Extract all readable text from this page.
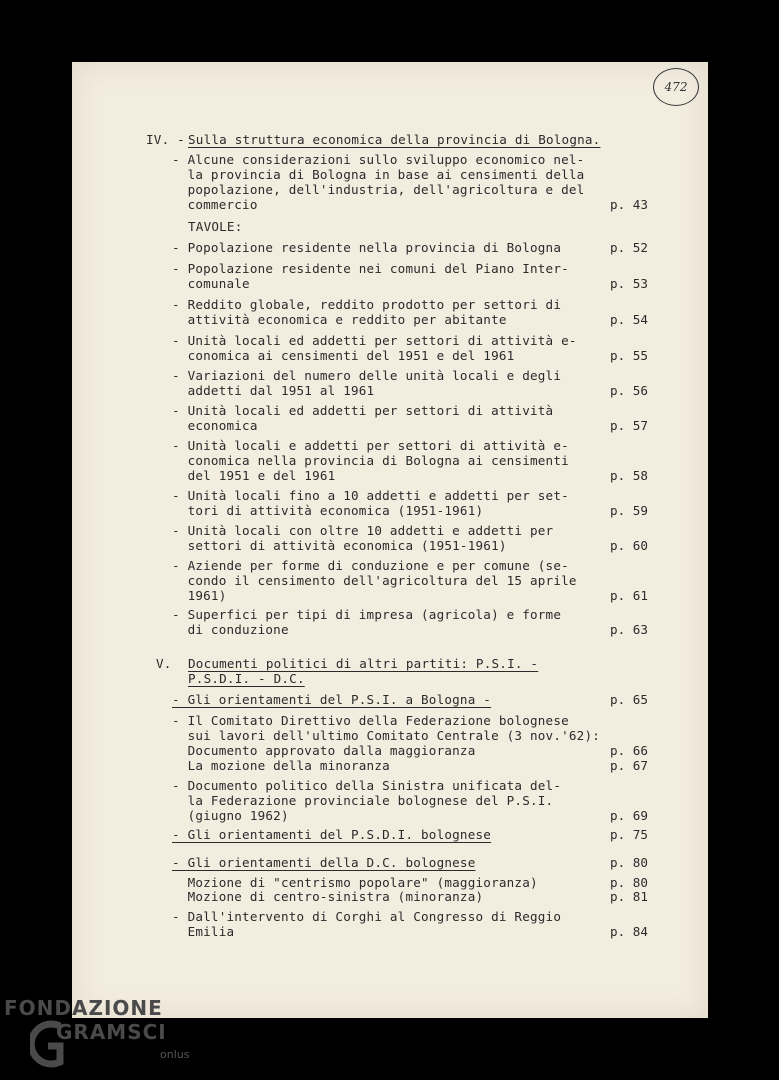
472
IV. - Sulla struttura economica della provincia di Bologna.
- Alcune considerazioni sullo sviluppo economico nel-
la provincia di Bologna in base ai censimenti della
popolazione, dell'industria, dell'agricoltura e del
commercio	p. 43
TAVOLE:
- Popolazione residente nella provincia di Bologna	p. 52
- Popolazione residente nei comuni del Piano Inter-
comunale	p. 53
- Reddito globale, reddito prodotto per settori di
attività economica e reddito per abitante	p. 54
- Unità locali ed addetti per settori di attività e-
conomica ai censimenti del 1951 e del 1961	p. 55
- Variazioni del numero delle unità locali e degli
addetti dal 1951 al 1961	p. 56
- Unità locali ed addetti per settori di attività
economica	p. 57
- Unità locali e addetti per settori di attività e-
conomica nella provincia di Bologna ai censimenti
del 1951 e del 1961	p. 58
- Unità locali fino a 10 addetti e addetti per set-
tori di attività economica (1951-1961)	p. 59
- Unità locali con oltre 10 addetti e addetti per
settori di attività economica (1951-1961)	p. 60
- Aziende per forme di conduzione e per comune (se-
condo il censimento dell'agricoltura del 15 aprile
1961)	p. 61
- Superfici per tipi di impresa (agricola) e forme
di conduzione	p. 63
V. Documenti politici di altri partiti: P.S.I. -
P.S.D.I. - D.C.
- Gli orientamenti del P.S.I. a Bologna -	p. 65
- Il Comitato Direttivo della Federazione bolognese
sui lavori dell'ultimo Comitato Centrale (3 nov.'62):
Documento approvato dalla maggioranza	p. 66
La mozione della minoranza	p. 67
- Documento politico della Sinistra unificata del-
la Federazione provinciale bolognese del P.S.I.
(giugno 1962)	p. 69
- Gli orientamenti del P.S.D.I. bolognese	p. 75
- Gli orientamenti della D.C. bolognese	p. 80
Mozione di "centrismo popolare" (maggioranza)	p. 80
Mozione di centro-sinistra (minoranza)	p. 81
- Dall'intervento di Corghi al Congresso di Reggio
Emilia	p. 84
FONDAZIONE
GRAMSCI
onlus
